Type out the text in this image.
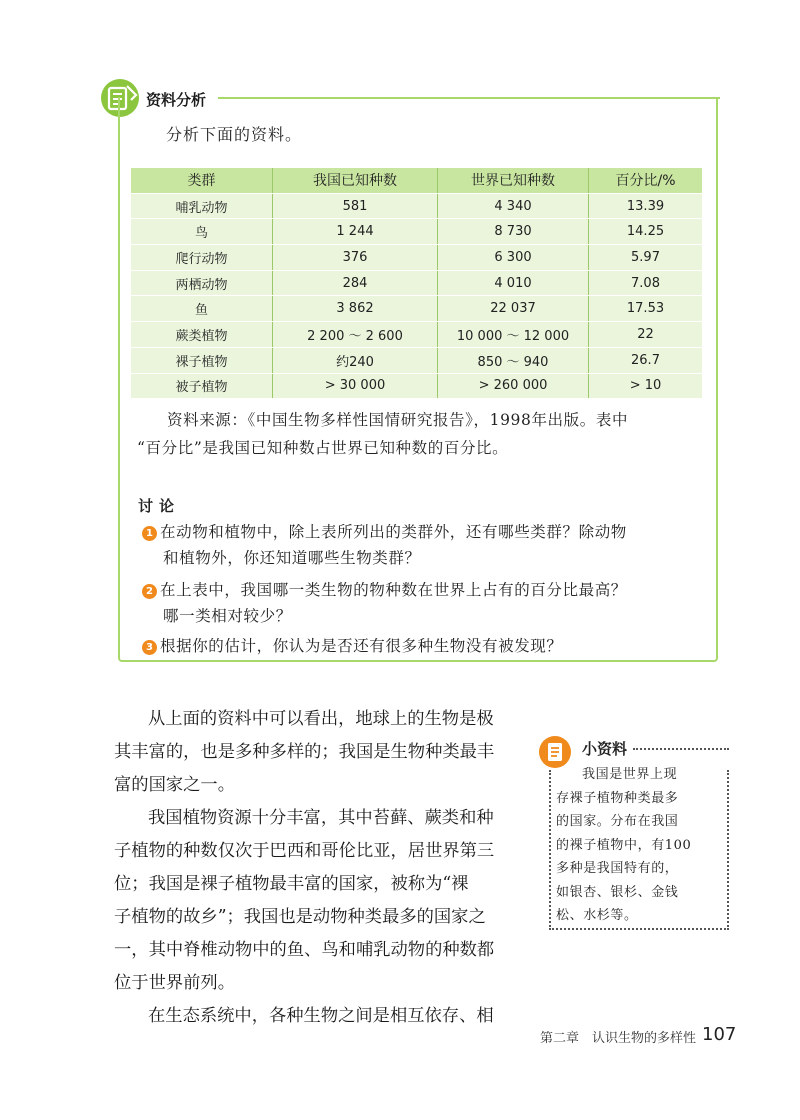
资料分析
分析下面的资料。
类群	我国已知种数	世界已知种数	百分比/%
哺乳动物	581	4 340	13.39
鸟	1 244	8 730	14.25
爬行动物	376	6 300	5.97
两栖动物	284	4 010	7.08
鱼	3 862	22 037	17.53
蕨类植物	2 200 ～ 2 600	10 000 ～ 12 000	22
裸子植物	约240	850 ～ 940	26.7
被子植物	> 30 000	> 260 000	> 10
资料来源：《中国生物多样性国情研究报告》，1998年出版。表中
“百分比”是我国已知种数占世界已知种数的百分比。
讨论
1 在动物和植物中，除上表所列出的类群外，还有哪些类群？除动物
和植物外，你还知道哪些生物类群？
2 在上表中，我国哪一类生物的物种数在世界上占有的百分比最高？
哪一类相对较少？
3 根据你的估计，你认为是否还有很多种生物没有被发现？

从上面的资料中可以看出，地球上的生物是极

其丰富的，也是多种多样的；我国是生物种类最丰

富的国家之一。

我国植物资源十分丰富，其中苔藓、蕨类和种

子植物的种数仅次于巴西和哥伦比亚，居世界第三

位；我国是裸子植物最丰富的国家，被称为“裸

子植物的故乡”；我国也是动物种类最多的国家之

一，其中脊椎动物中的鱼、鸟和哺乳动物的种数都

位于世界前列。

在生态系统中，各种生物之间是相互依存、相

小资料
我国是世界上现
存裸子植物种类最多
的国家。分布在我国
的裸子植物中，有100
多种是我国特有的，
如银杏、银杉、金钱
松、水杉等。
第二章　认识生物的多样性 107
